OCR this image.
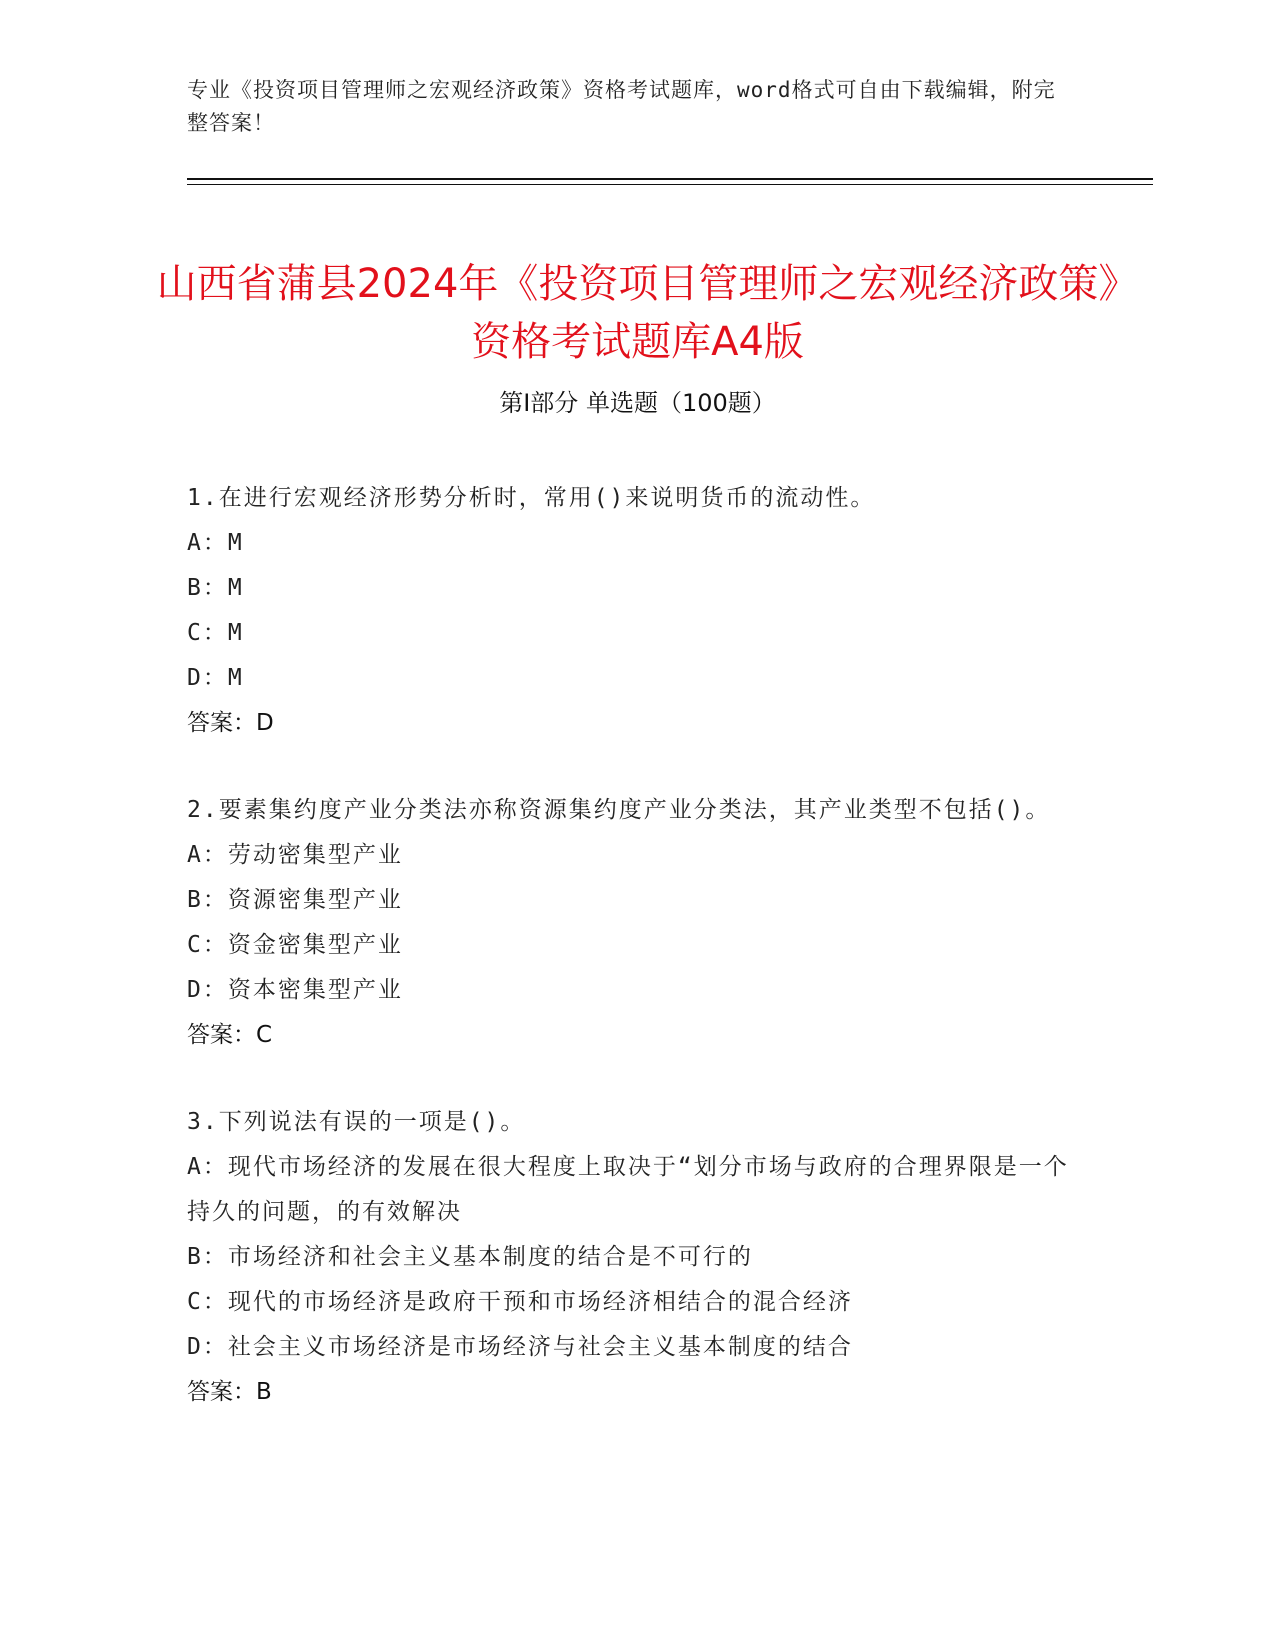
专业《投资项目管理师之宏观经济政策》资格考试题库，word格式可自由下载编辑，附完整答案！
山西省蒲县2024年《投资项目管理师之宏观经济政策》资格考试题库A4版
第Ⅰ部分 单选题（100题）
1.在进行宏观经济形势分析时，常用()来说明货币的流动性。
A：M
B：M
C：M
D：M
答案：D
2.要素集约度产业分类法亦称资源集约度产业分类法，其产业类型不包括()。
A：劳动密集型产业
B：资源密集型产业
C：资金密集型产业
D：资本密集型产业
答案：C
3.下列说法有误的一项是()。
A：现代市场经济的发展在很大程度上取决于“划分市场与政府的合理界限是一个持久的问题，的有效解决
B：市场经济和社会主义基本制度的结合是不可行的
C：现代的市场经济是政府干预和市场经济相结合的混合经济
D：社会主义市场经济是市场经济与社会主义基本制度的结合
答案：B
